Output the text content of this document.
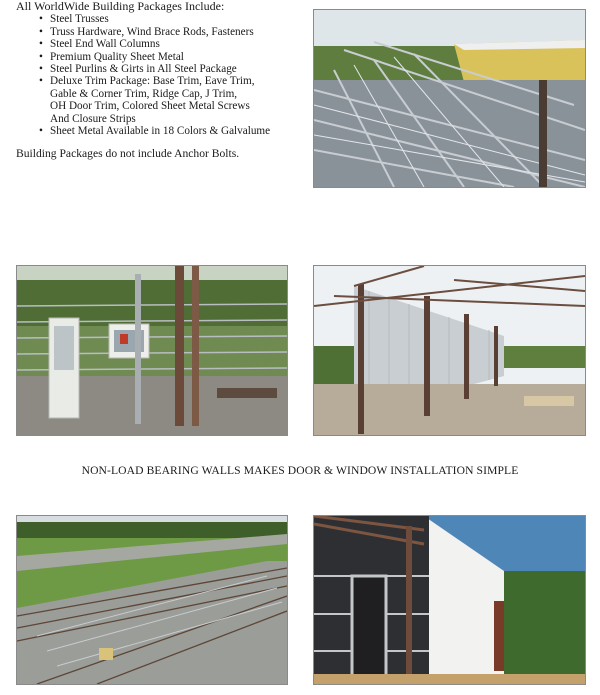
All WorldWide Building Packages Include:
• Steel Trusses
• Truss Hardware, Wind Brace Rods, Fasteners
• Steel End Wall Columns
• Premium Quality Sheet Metal
• Steel Purlins & Girts in All Steel Package
• Deluxe Trim Package: Base Trim, Eave Trim,
Gable & Corner Trim, Ridge Cap, J Trim,
OH Door Trim, Colored Sheet Metal Screws
And Closure Strips
• Sheet Metal Available in 18 Colors & Galvalume
Building Packages do not include Anchor Bolts.
NON-LOAD BEARING WALLS MAKES DOOR & WINDOW INSTALLATION SIMPLE
